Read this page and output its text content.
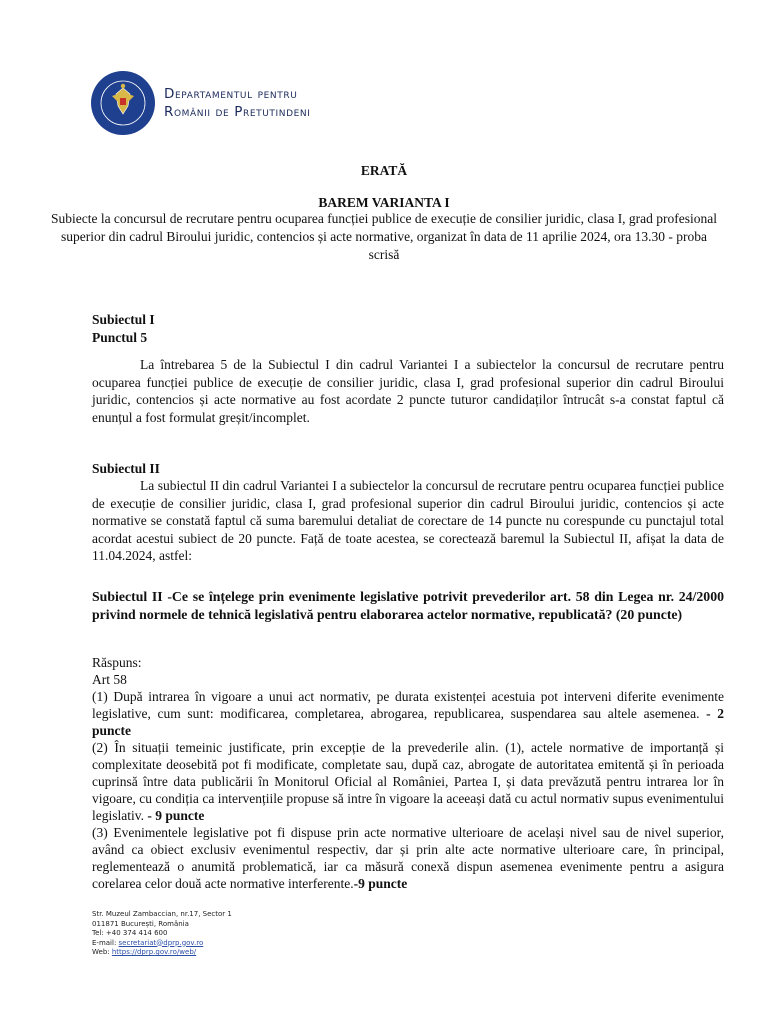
Departamentul pentru
Românii de Pretutindeni
ERATĂ
BAREM VARIANTA I
Subiecte la concursul de recrutare pentru ocuparea funcției publice de execuție de consilier juridic, clasa I, grad profesional superior din cadrul Biroului juridic, contencios și acte normative, organizat în data de 11 aprilie 2024, ora 13.30 - proba scrisă
Subiectul I
Punctul 5

La întrebarea 5 de la Subiectul I din cadrul Variantei I a subiectelor la concursul de recrutare pentru ocuparea funcției publice de execuție de consilier juridic, clasa I, grad profesional superior din cadrul Biroului juridic, contencios și acte normative au fost acordate 2 puncte tuturor candidaților întrucât s-a constat faptul că enunțul a fost formulat greșit/incomplet.

Subiectul II

La subiectul II din cadrul Variantei I a subiectelor la concursul de recrutare pentru ocuparea funcției publice de execuție de consilier juridic, clasa I, grad profesional superior din cadrul Biroului juridic, contencios și acte normative se constată faptul că suma baremului detaliat de corectare de 14 puncte nu corespunde cu punctajul total acordat acestui subiect de 20 puncte. Față de toate acestea, se corectează baremul la Subiectul II, afișat la data de 11.04.2024, astfel:

Subiectul II -Ce se înțelege prin evenimente legislative potrivit prevederilor art. 58 din Legea nr. 24/2000 privind normele de tehnică legislativă pentru elaborarea actelor normative, republicată? (20 puncte)

Răspuns:
Art 58

(1) După intrarea în vigoare a unui act normativ, pe durata existenței acestuia pot interveni diferite evenimente legislative, cum sunt: modificarea, completarea, abrogarea, republicarea, suspendarea sau altele asemenea. - 2 puncte

(2) În situații temeinic justificate, prin excepție de la prevederile alin. (1), actele normative de importanță și complexitate deosebită pot fi modificate, completate sau, după caz, abrogate de autoritatea emitentă și în perioada cuprinsă între data publicării în Monitorul Oficial al României, Partea I, și data prevăzută pentru intrarea lor în vigoare, cu condiția ca intervențiile propuse să intre în vigoare la aceeași dată cu actul normativ supus evenimentului legislativ. - 9 puncte

(3) Evenimentele legislative pot fi dispuse prin acte normative ulterioare de același nivel sau de nivel superior, având ca obiect exclusiv evenimentul respectiv, dar și prin alte acte normative ulterioare care, în principal, reglementează o anumită problematică, iar ca măsură conexă dispun asemenea evenimente pentru a asigura corelarea celor două acte normative interferente.-9 puncte

Str. Muzeul Zambaccian, nr.17, Sector 1
011871 București, România
Tel: +40 374 414 600
E-mail: secretariat@dprp.gov.ro
Web: https://dprp.gov.ro/web/
